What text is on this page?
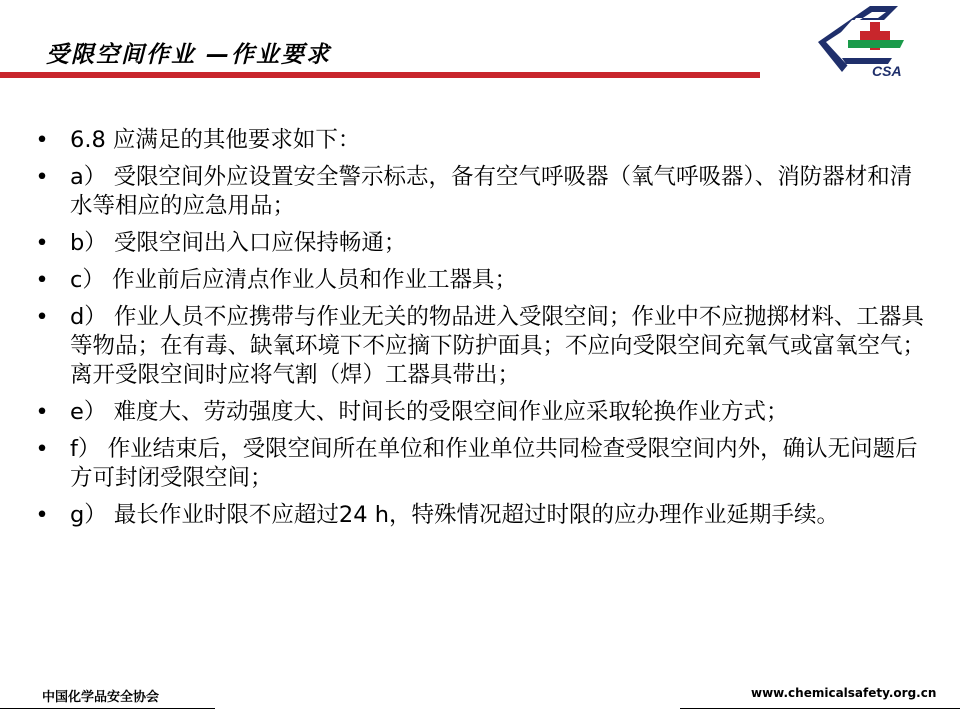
受限空间作业 —作业要求
CSA
• 6.8 应满足的其他要求如下：
• a） 受限空间外应设置安全警示标志，备有空气呼吸器（氧气呼吸器）、消防器材和清水等相应的应急用品；
• b） 受限空间出入口应保持畅通；
• c） 作业前后应清点作业人员和作业工器具；
• d） 作业人员不应携带与作业无关的物品进入受限空间；作业中不应抛掷材料、工器具等物品；在有毒、缺氧环境下不应摘下防护面具；不应向受限空间充氧气或富氧空气；离开受限空间时应将气割（焊）工器具带出；
• e） 难度大、劳动强度大、时间长的受限空间作业应采取轮换作业方式；
• f） 作业结束后，受限空间所在单位和作业单位共同检查受限空间内外，确认无问题后方可封闭受限空间；
• g） 最长作业时限不应超过24 h，特殊情况超过时限的应办理作业延期手续。
中国化学品安全协会	www.chemicalsafety.org.cn
